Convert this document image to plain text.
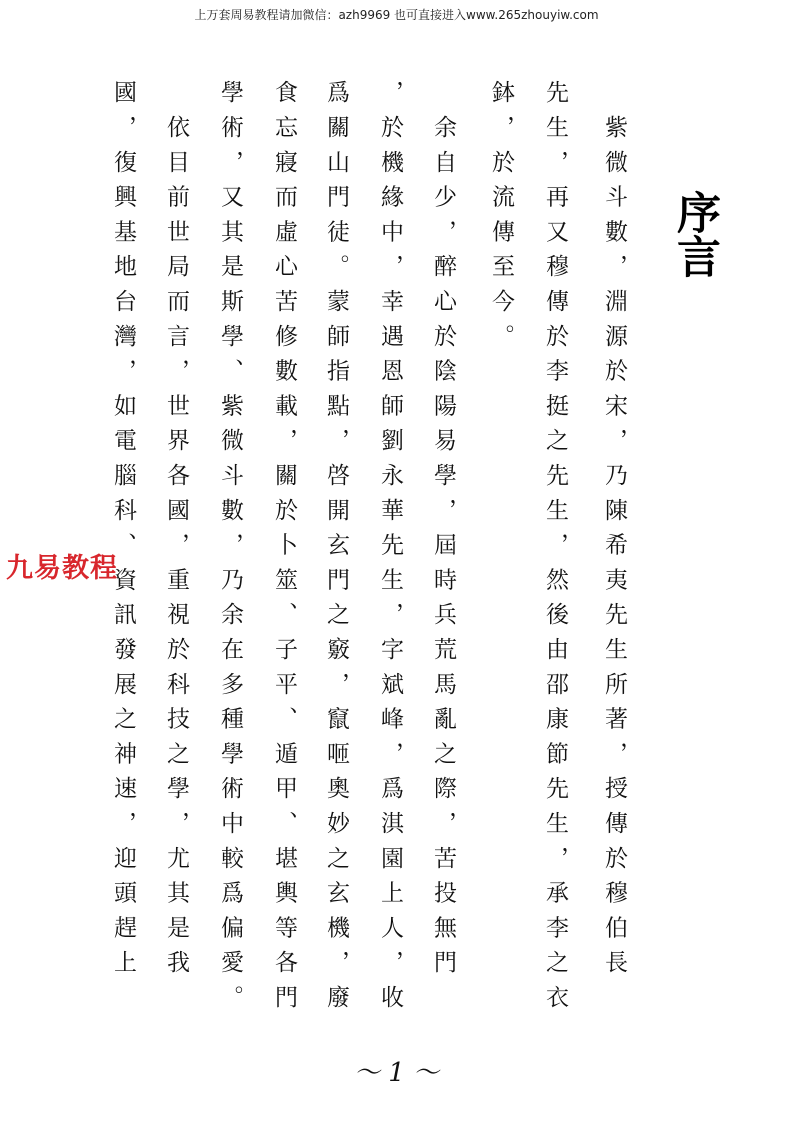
上万套周易教程请加微信：azh9969 也可直接进入www.265zhouyiw.com
序言
　紫微斗數，淵源於宋，乃陳希夷先生所著，授傳於穆伯長
先生，再又穆傳於李挺之先生，然後由邵康節先生，承李之衣
鉢，於流傳至今。
　余自少，醉心於陰陽易學，屆時兵荒馬亂之際，苦投無門
，於機緣中，幸遇恩師劉永華先生，字斌峰，爲淇園上人，收
爲關山門徒。蒙師指點，啓開玄門之竅，竄咂奧妙之玄機，廢
食忘寢而虛心苦修數載，關於卜筮、子平、遁甲、堪輿等各門
學術，又其是斯學、紫微斗數，乃余在多種學術中較爲偏愛。
　依目前世局而言，世界各國，重視於科技之學，尤其是我
國，復興基地台灣，如電腦科、資訊發展之神速，迎頭趕上
九易教程
～ 1 ～
